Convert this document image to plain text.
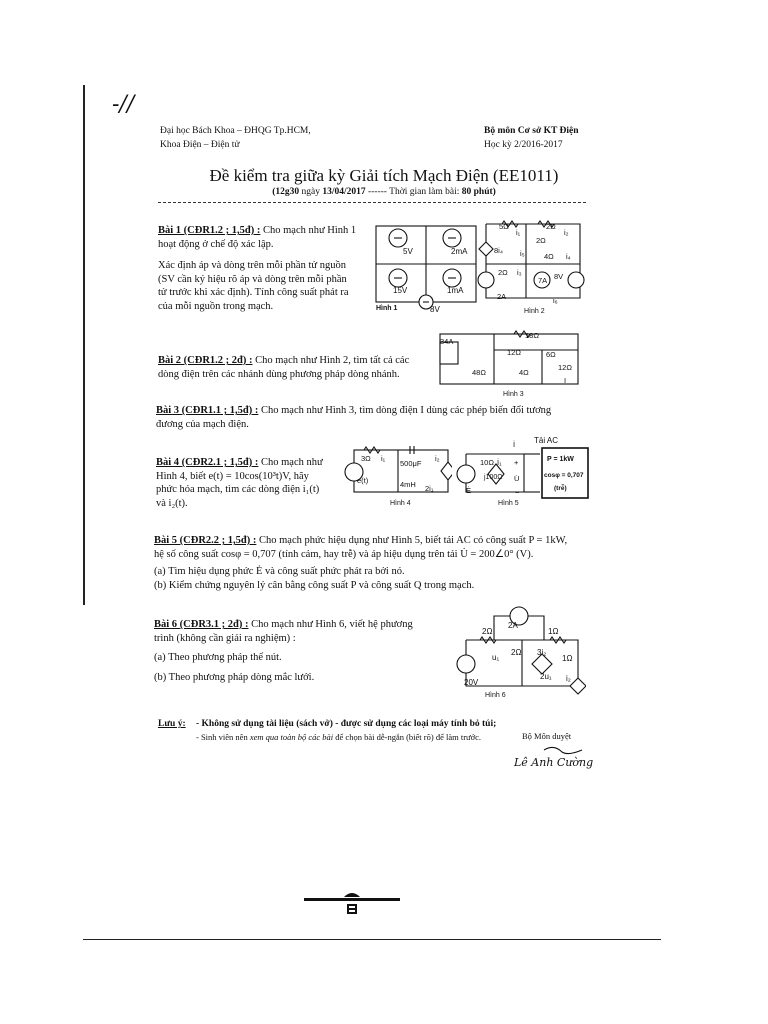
-//
Đại học Bách Khoa – ĐHQG Tp.HCM,
Khoa Điện – Điện tử
Bộ môn Cơ sở KT Điện
Học kỳ 2/2016-2017
Đề kiểm tra giữa kỳ Giải tích Mạch Điện (EE1011)
(12g30 ngày 13/04/2017 ------ Thời gian làm bài: 80 phút)
Bài 1 (CĐR1.2 ; 1,5đ) : Cho mạch như Hình 1
hoạt động ở chế độ xác lập.
Xác định áp và dòng trên mỗi phần tử nguồn
(SV cần ký hiệu rõ áp và dòng trên mỗi phần
tử trước khi xác định). Tính công suất phát ra
của mỗi nguồn trong mạch.
5V	2mA
15V	1mA
8V
Hình 1
5Ω
i₁
2Ω
i₂
2Ω
8i₄ i₅	4Ω i₄
2Ω i₃	8V
7A
2A	i₆
Hình 2
Bài 2 (CĐR1.2 ; 2đ) : Cho mạch như Hình 2, tìm tất cả các
dòng điện trên các nhánh dùng phương pháp dòng nhánh.
18Ω
34A
12Ω	6Ω
12Ω
48Ω	4Ω
I
Hình 3
Bài 3 (CĐR1.1 ; 1,5đ) : Cho mạch như Hình 3, tìm dòng điện I dùng các phép biến đổi tương
đương của mạch điện.
Bài 4 (CĐR2.1 ; 1,5đ) : Cho mạch như
Hình 4, biết e(t) = 10cos(10³t)V, hãy
phức hóa mạch, tìm các dòng điện i₁(t)
và i₂(t).
3Ω i₁
500μF
i₂
e(t)	4mH 2i₁
Hình 4
Tải AC
10Ω İ₁
j100Ω
İ
U̇
Ė
+
−
P = 1kW
cosφ = 0,707
(trễ)
Hình 5
Bài 5 (CĐR2.2 ; 1,5đ) : Cho mạch phức hiệu dụng như Hình 5, biết tải AC có công suất P = 1kW,
hệ số công suất cosφ = 0,707 (tính cảm, hay trễ) và áp hiệu dụng trên tải U̇ = 200∠0° (V).
(a) Tìm hiệu dụng phức Ė và công suất phức phát ra bởi nó.
(b) Kiểm chứng nguyên lý cân bằng công suất P và công suất Q trong mạch.
Bài 6 (CĐR3.1 ; 2đ) : Cho mạch như Hình 6, viết hệ phương
trình (không cần giải ra nghiệm) :
(a) Theo phương pháp thế nút.
(b) Theo phương pháp dòng mắc lưới.
2A
2Ω	1Ω
u₁
2Ω 3i₂
1Ω
20V
2u₁ i₂
Hình 6
Lưu ý: - Không sử dụng tài liệu (sách vở) - được sử dụng các loại máy tính bỏ túi;
- Sinh viên nên xem qua toàn bộ các bài để chọn bài dễ-ngắn (biết rõ) để làm trước.	Bộ Môn duyệt
Lê Anh Cường
